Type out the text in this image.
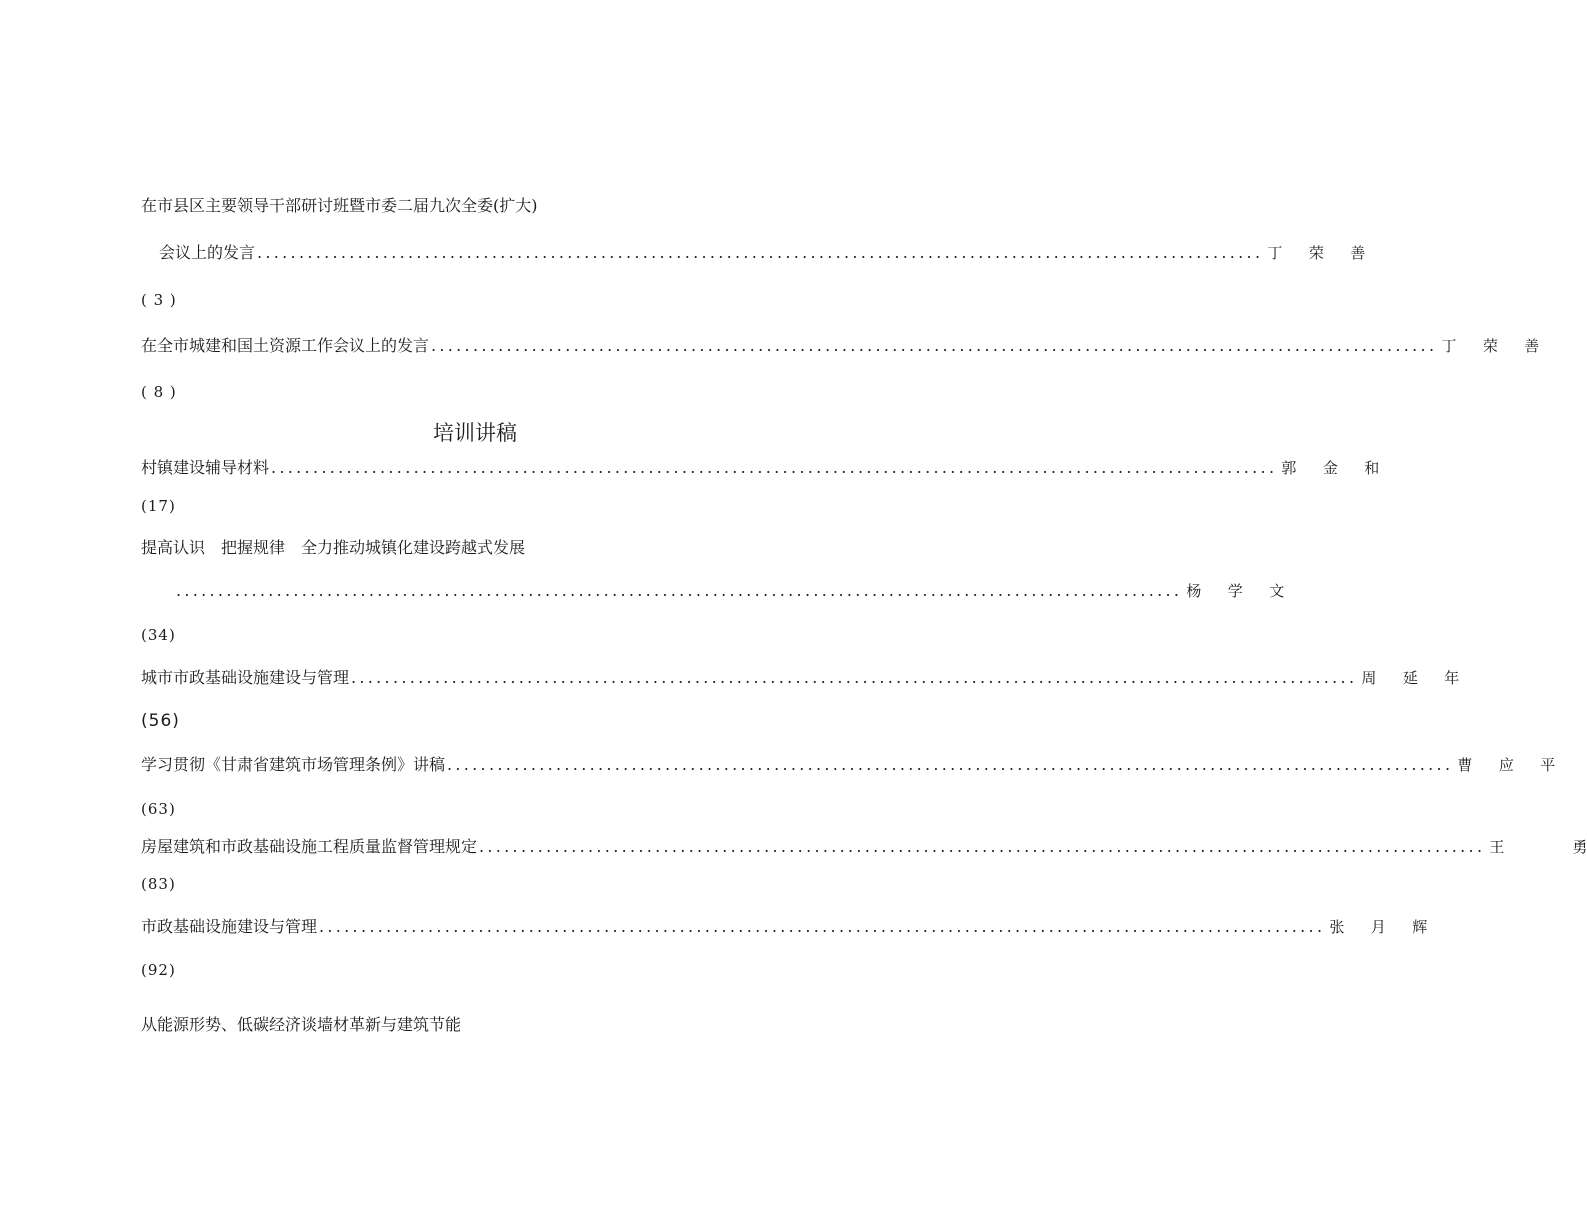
在市县区主要领导干部研讨班暨市委二届九次全委(扩大)
会议上的发言 ........................................................................................................................ 丁 荣 善
( 3 )
在全市城建和国土资源工作会议上的发言 ........................................................................................................................ 丁 荣 善
( 8 )
培训讲稿
村镇建设辅导材料 ........................................................................................................................ 郭 金 和
(17)
提高认识　把握规律　全力推动城镇化建设跨越式发展
........................................................................................................................ 杨 学 文
(34)
城市市政基础设施建设与管理 ........................................................................................................................ 周 延 年
(56)
学习贯彻《甘肃省建筑市场管理条例》讲稿 ........................................................................................................................ 曹 应 平
(63)
房屋建筑和市政基础设施工程质量监督管理规定 ........................................................................................................................ 王	勇
(83)
市政基础设施建设与管理 ........................................................................................................................ 张 月 辉
(92)
从能源形势、低碳经济谈墙材革新与建筑节能
